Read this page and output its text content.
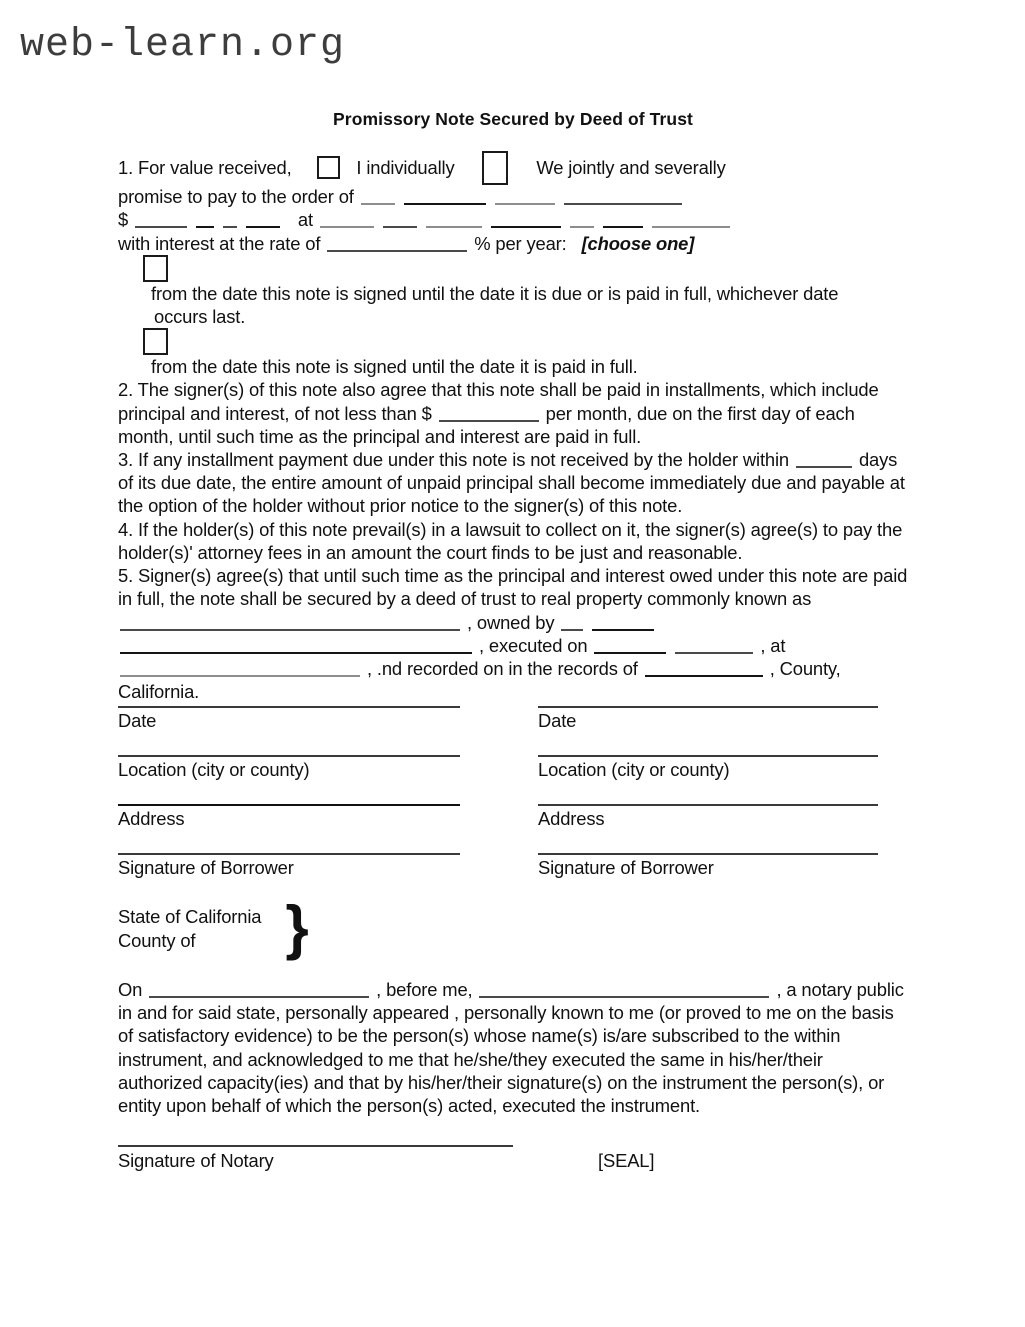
web-learn.org
Promissory Note Secured by Deed of Trust
1. For value received,	I individually	We jointly and severally
promise to pay to the order of
$	at
with interest at the rate of	% per year: [choose one]
from the date this note is signed until the date it is due or is paid in full, whichever date occurs last.
from the date this note is signed until the date it is paid in full.
2. The signer(s) of this note also agree that this note shall be paid in installments, which include principal and interest, of not less than $	per month, due on the first day of each month, until such time as the principal and interest are paid in full.
3. If any installment payment due under this note is not received by the holder within	days of its due date, the entire amount of unpaid principal shall become immediately due and payable at the option of the holder without prior notice to the signer(s) of this note.
4. If the holder(s) of this note prevail(s) in a lawsuit to collect on it, the signer(s) agree(s) to pay the holder(s)' attorney fees in an amount the court finds to be just and reasonable.
5. Signer(s) agree(s) that until such time as the principal and interest owed under this note are paid in full, the note shall be secured by a deed of trust to real property commonly known as  , owned by
, executed on	, at
, .nd recorded on in the records of	, County,
California.
Date
Location (city or county)
Address
Signature of Borrower
Date
Location (city or county)
Address
Signature of Borrower
State of California
County of	}
On	, before me,	, a notary public in and for said state, personally appeared , personally known to me (or proved to me on the basis of satisfactory evidence) to be the person(s) whose name(s) is/are subscribed to the within instrument, and acknowledged to me that he/she/they executed the same in his/her/their authorized capacity(ies) and that by his/her/their signature(s) on the instrument the person(s), or entity upon behalf of which the person(s) acted, executed the instrument.
Signature of Notary	[SEAL]
